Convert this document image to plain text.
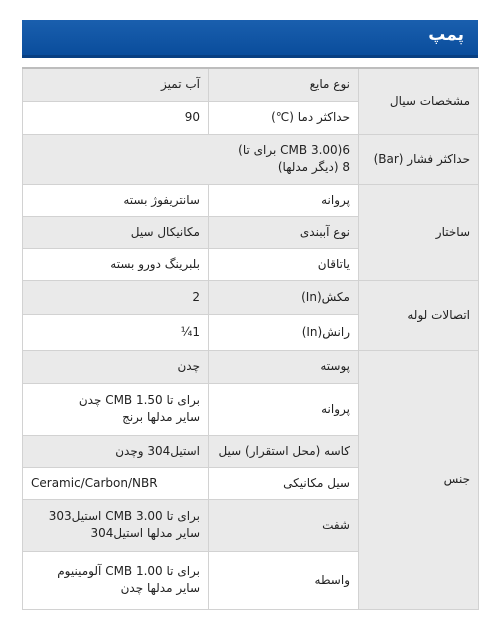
پمپ
مشخصات سیال	نوع مایع	آب تمیز
	حداکثر دما (℃)	90
حداکثر فشار (Bar)	6(CMB 3.00 برای تا)
8 (دیگر مدلها)	

ساختار	پروانه	سانتریفوژ بسته
	نوع آببندی	مکانیکال سیل
	یاتاقان	بلبرینگ دورو بسته
اتصالات لوله	مکش(In)	2
	رانش(In)	1¼
جنس	پوسته	چدن
	پروانه	برای تا CMB 1.50 چدن
سایر مدلها برنج

	کاسه (محل استقرار) سیل	استیل304 وچدن
	سیل مکانیکی	Ceramic/Carbon/NBR
	شفت	برای تا CMB 3.00 استیل303
سایر مدلها استیل304

	واسطه	برای تا CMB 1.00 آلومینیوم
سایر مدلها چدن
